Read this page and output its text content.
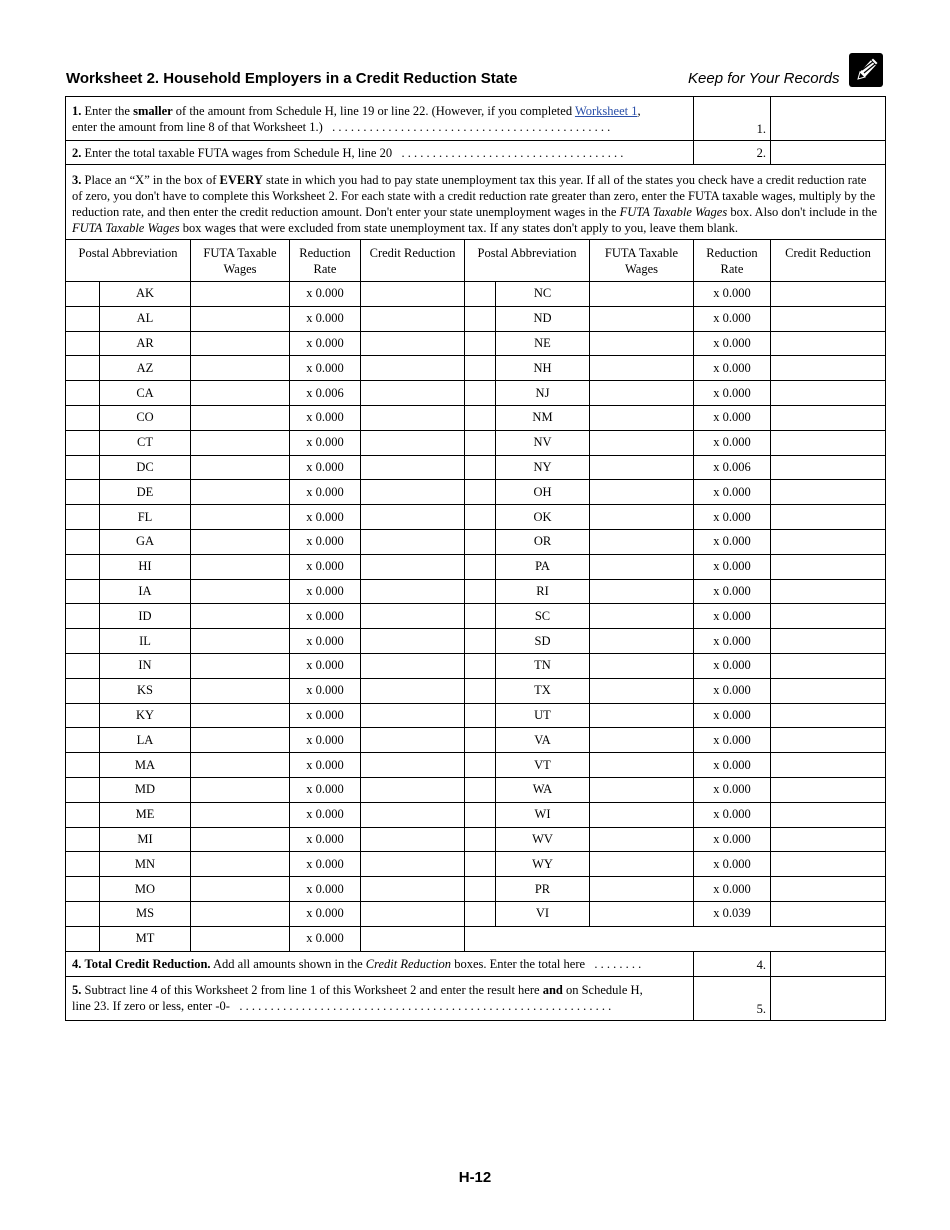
Worksheet 2. Household Employers in a Credit Reduction State	Keep for Your Records
1. Enter the smaller of the amount from Schedule H, line 19 or line 22. (However, if you completed Worksheet 1,
enter the amount from line 8 of that Worksheet 1.) . . . . . . . . . . . . . . . . . . . . . . . . . . . . . . . . . . . . . . . . . . . . .								1.	
2. Enter the total taxable FUTA wages from Schedule H, line 20 . . . . . . . . . . . . . . . . . . . . . . . . . . . . . . . . . . . .								2.	
3. Place an “X” in the box of EVERY state in which you had to pay state unemployment tax this year. If all of the states you check have a credit reduction rate of zero, you don't have to complete this Worksheet 2. For each state with a credit reduction rate greater than zero, enter the FUTA taxable wages, multiply by the reduction rate, and then enter the credit reduction amount. Don't enter your state unemployment wages in the FUTA Taxable Wages box. Also don't include in the FUTA Taxable Wages box wages that were excluded from state unemployment tax. If any states don't apply to you, leave them blank.									
Postal Abbreviation		FUTA Taxable Wages	Reduction Rate	Credit Reduction	Postal Abbreviation		FUTA Taxable Wages	Reduction Rate	Credit Reduction
	AK		x 0.000			NC		x 0.000	
	AL		x 0.000			ND		x 0.000	
	AR		x 0.000			NE		x 0.000	
	AZ		x 0.000			NH		x 0.000	
	CA		x 0.006			NJ		x 0.000	
	CO		x 0.000			NM		x 0.000	
	CT		x 0.000			NV		x 0.000	
	DC		x 0.000			NY		x 0.006	
	DE		x 0.000			OH		x 0.000	
	FL		x 0.000			OK		x 0.000	
	GA		x 0.000			OR		x 0.000	
	HI		x 0.000			PA		x 0.000	
	IA		x 0.000			RI		x 0.000	
	ID		x 0.000			SC		x 0.000	
	IL		x 0.000			SD		x 0.000	
	IN		x 0.000			TN		x 0.000	
	KS		x 0.000			TX		x 0.000	
	KY		x 0.000			UT		x 0.000	
	LA		x 0.000			VA		x 0.000	
	MA		x 0.000			VT		x 0.000	
	MD		x 0.000			WA		x 0.000	
	ME		x 0.000			WI		x 0.000	
	MI		x 0.000			WV		x 0.000	
	MN		x 0.000			WY		x 0.000	
	MO		x 0.000			PR		x 0.000	
	MS		x 0.000			VI		x 0.039	
	MT		x 0.000						
4. Total Credit Reduction. Add all amounts shown in the Credit Reduction boxes. Enter the total here . . . . . . . .								4.	
5. Subtract line 4 of this Worksheet 2 from line 1 of this Worksheet 2 and enter the result here and on Schedule H,
line 23. If zero or less, enter -0- . . . . . . . . . . . . . . . . . . . . . . . . . . . . . . . . . . . . . . . . . . . . . . . . . . . . . . . . . . . .								5.	
H-12
